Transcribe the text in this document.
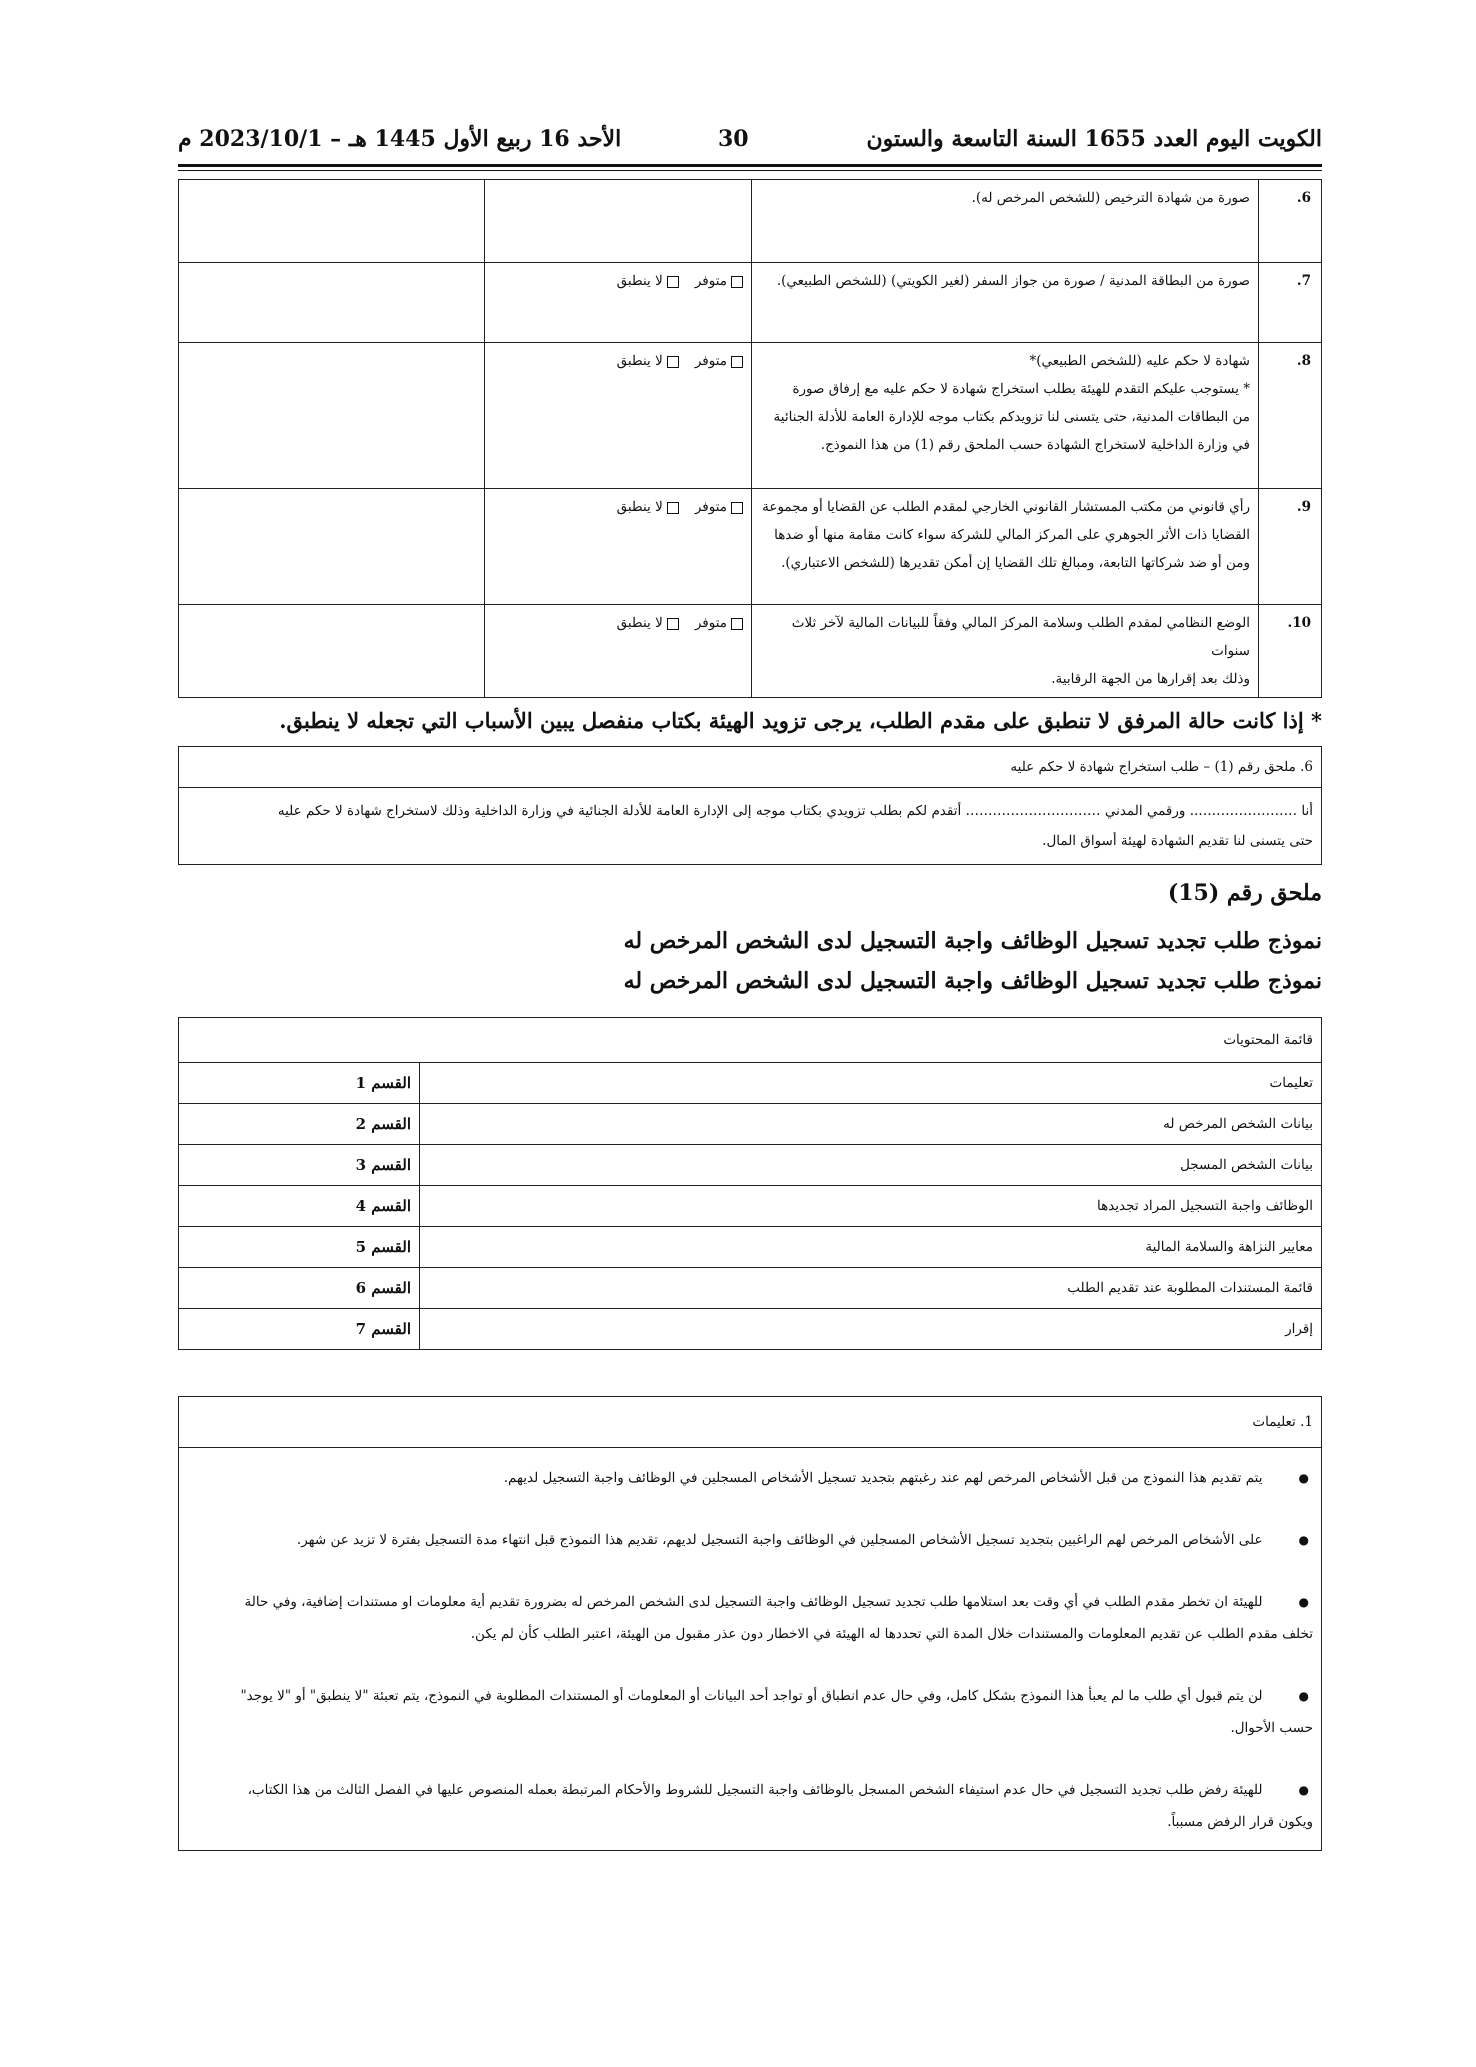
الكويت اليوم العدد 1655 السنة التاسعة والستون
30
الأحد 16 ربيع الأول 1445 هـ – 2023/10/1 م
6.	صورة من شهادة الترخيص (للشخص المرخص له).		

7.	صورة من البطاقة المدنية / صورة من جواز السفر (لغير الكويتي) (للشخص الطبيعي).	متوفرلا ينطبق	
8.	شهادة لا حكم عليه (للشخص الطبيعي)*
* يستوجب عليكم التقدم للهيئة بطلب استخراج شهادة لا حكم عليه مع إرفاق صورة
من البطاقات المدنية، حتى يتسنى لنا تزويدكم بكتاب موجه للإدارة العامة للأدلة الجنائية
في وزارة الداخلية لاستخراج الشهادة حسب الملحق رقم (1) من هذا النموذج.	متوفرلا ينطبق	
9.	رأي قانوني من مكتب المستشار القانوني الخارجي لمقدم الطلب عن القضايا أو مجموعة
القضايا ذات الأثر الجوهري على المركز المالي للشركة سواء كانت مقامة منها أو ضدها
ومن أو ضد شركاتها التابعة، ومبالغ تلك القضايا إن أمكن تقديرها (للشخص الاعتباري).	متوفرلا ينطبق	
10.	الوضع النظامي لمقدم الطلب وسلامة المركز المالي وفقاً للبيانات المالية لآخر ثلاث سنوات
وذلك بعد إقرارها من الجهة الرقابية.	متوفرلا ينطبق	
* إذا كانت حالة المرفق لا تنطبق على مقدم الطلب، يرجى تزويد الهيئة بكتاب منفصل يبين الأسباب التي تجعله لا ينطبق.
6. ملحق رقم (1) – طلب استخراج شهادة لا حكم عليه
أنا ……………….….. ورقمي المدني ………………………… أتقدم لكم بطلب تزويدي بكتاب موجه إلى الإدارة العامة للأدلة الجنائية في وزارة الداخلية وذلك لاستخراج شهادة لا حكم عليه
حتى يتسنى لنا تقديم الشهادة لهيئة أسواق المال.
ملحق رقم (15)
نموذج طلب تجديد تسجيل الوظائف واجبة التسجيل لدى الشخص المرخص له
نموذج طلب تجديد تسجيل الوظائف واجبة التسجيل لدى الشخص المرخص له
قائمة المحتويات	
تعليمات	القسم 1
بيانات الشخص المرخص له	القسم 2
بيانات الشخص المسجل	القسم 3
الوظائف واجبة التسجيل المراد تجديدها	القسم 4
معايير النزاهة والسلامة المالية	القسم 5
قائمة المستندات المطلوبة عند تقديم الطلب	القسم 6
إقرار	القسم 7
1. تعليمات
●يتم تقديم هذا النموذج من قبل الأشخاص المرخص لهم عند رغبتهم بتجديد تسجيل الأشخاص المسجلين في الوظائف واجبة التسجيل لديهم.
●على الأشخاص المرخص لهم الراغبين بتجديد تسجيل الأشخاص المسجلين في الوظائف واجبة التسجيل لديهم، تقديم هذا النموذج قبل انتهاء مدة التسجيل بفترة لا تزيد عن شهر.
●للهيئة ان تخطر مقدم الطلب في أي وقت بعد استلامها طلب تجديد تسجيل الوظائف واجبة التسجيل لدى الشخص المرخص له بضرورة تقديم أية معلومات او مستندات إضافية، وفي حالة
تخلف مقدم الطلب عن تقديم المعلومات والمستندات خلال المدة التي تحددها له الهيئة في الاخطار دون عذر مقبول من الهيئة، اعتبر الطلب كأن لم يكن.
●لن يتم قبول أي طلب ما لم يعبأ هذا النموذج بشكل كامل، وفي حال عدم انطباق أو تواجد أحد البيانات أو المعلومات أو المستندات المطلوبة في النموذج، يتم تعبئة "لا ينطبق" أو "لا يوجد"
حسب الأحوال.
●للهيئة رفض طلب تجديد التسجيل في حال عدم استيفاء الشخص المسجل بالوظائف واجبة التسجيل للشروط والأحكام المرتبطة بعمله المنصوص عليها في الفصل الثالث من هذا الكتاب،
ويكون قرار الرفض مسبباً.
